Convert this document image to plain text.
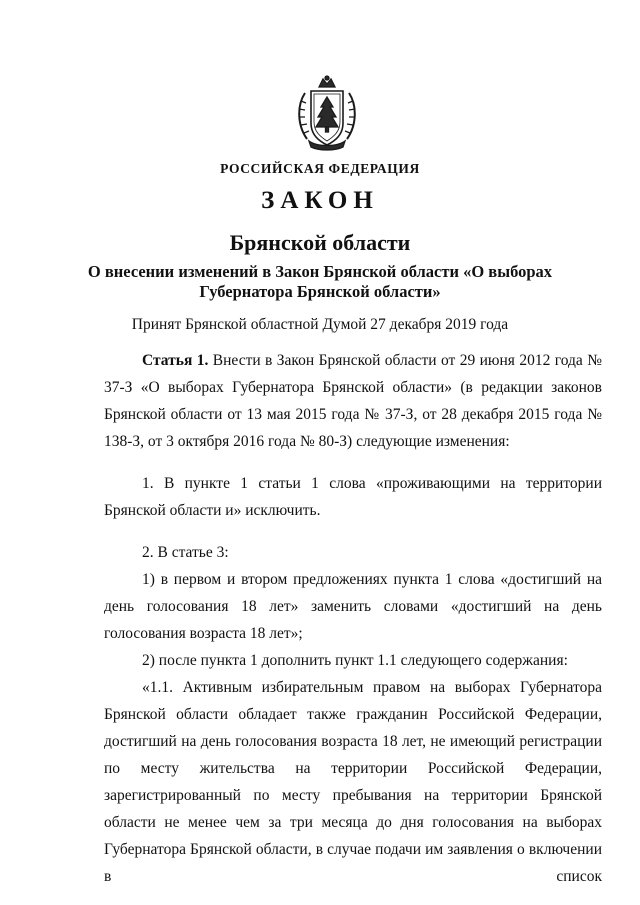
РОССИЙСКАЯ ФЕДЕРАЦИЯ
ЗАКОН
Брянской области
О внесении изменений в Закон Брянской области «О выборах
Губернатора Брянской области»
Принят Брянской областной Думой 27 декабря 2019 года

Статья 1. Внести в Закон Брянской области от 29 июня 2012 года № 37-З «О выборах Губернатора Брянской области» (в редакции законов Брянской области от 13 мая 2015 года № 37-З, от 28 декабря 2015 года № 138-З, от 3 октября 2016 года № 80-З) следующие изменения:

1. В пункте 1 статьи 1 слова «проживающими на территории Брянской области и» исключить.

2. В статье 3:

1) в первом и втором предложениях пункта 1 слова «достигший на день голосования 18 лет» заменить словами «достигший на день голосования возраста 18 лет»;

2) после пункта 1 дополнить пункт 1.1 следующего содержания:

«1.1. Активным избирательным правом на выборах Губернатора Брянской области обладает также гражданин Российской Федерации, достигший на день голосования возраста 18 лет, не имеющий регистрации по месту жительства на территории Российской Федерации, зарегистрированный по месту пребывания на территории Брянской области не менее чем за три месяца до дня голосования на выборах Губернатора Брянской области, в случае подачи им заявления о включении в список
